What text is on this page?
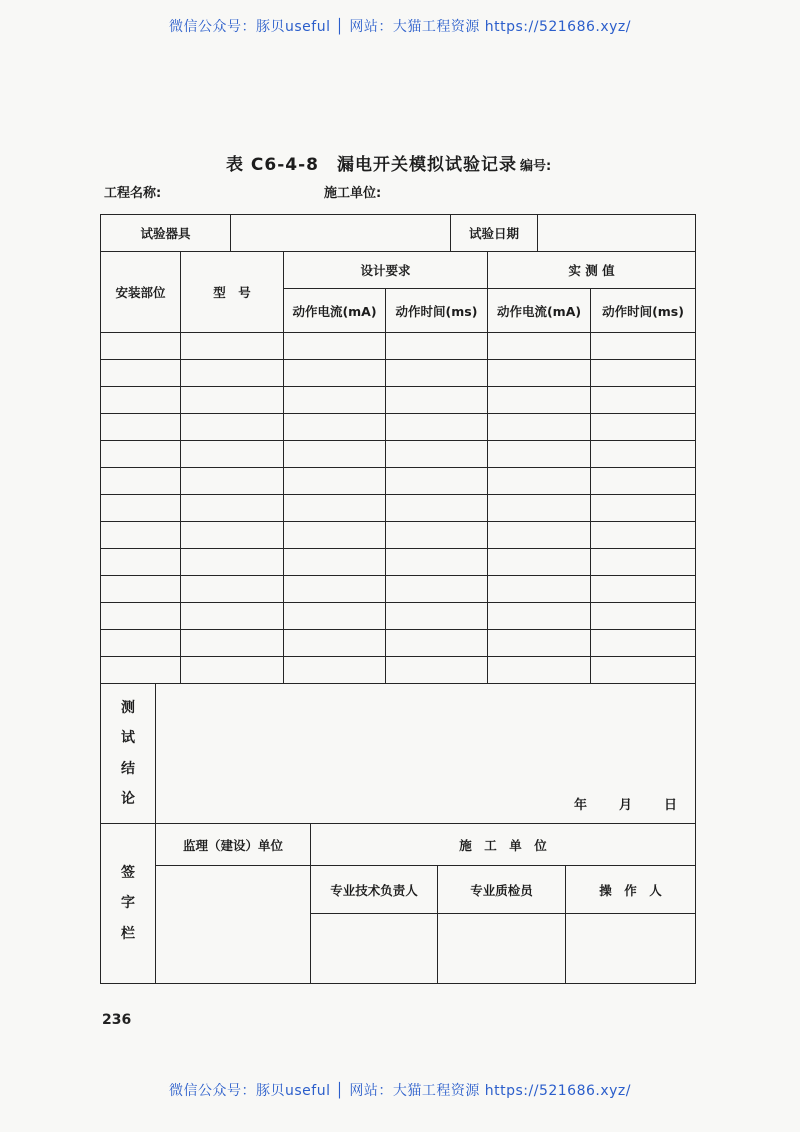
微信公众号：豚贝useful │ 网站：大猫工程资源 https://521686.xyz/
表 C6-4-8　漏电开关模拟试验记录 编号:
工程名称:	施工单位:
试验器具		试验日期	
安装部位	型　号	设计要求		实 测 值	
		动作电流(mA)	动作时间(ms)	动作电流(mA)	动作时间(ms)

测试结论	年　　月　　日
签字栏	监理（建设）单位	施　工　单　位		
		专业技术负责人	专业质检员	操　作　人

236
微信公众号：豚贝useful │ 网站：大猫工程资源 https://521686.xyz/
